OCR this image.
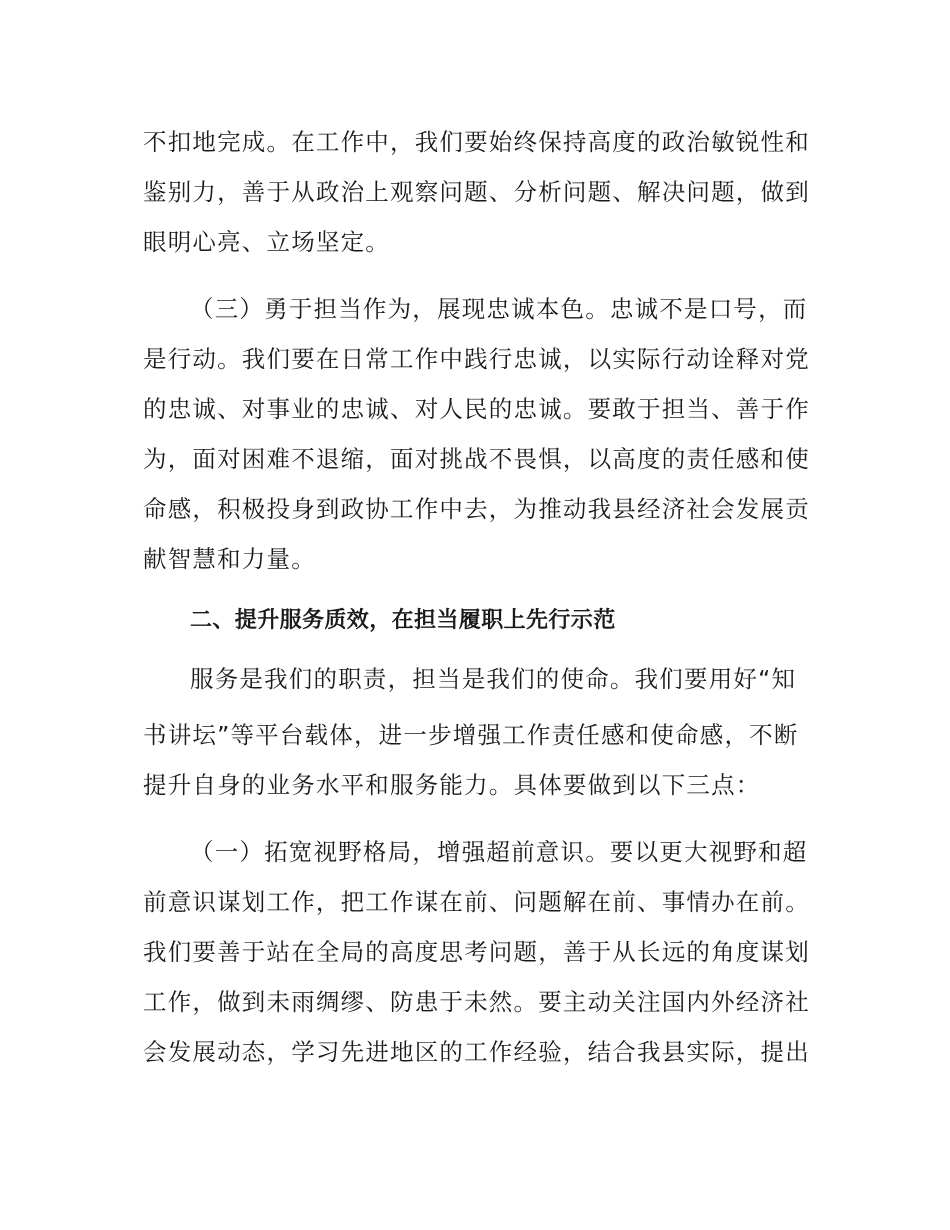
不扣地完成。在工作中，我们要始终保持高度的政治敏锐性和
鉴别力，善于从政治上观察问题、分析问题、解决问题，做到
眼明心亮、立场坚定。
（三）勇于担当作为，展现忠诚本色。忠诚不是口号，而
是行动。我们要在日常工作中践行忠诚，以实际行动诠释对党
的忠诚、对事业的忠诚、对人民的忠诚。要敢于担当、善于作
为，面对困难不退缩，面对挑战不畏惧，以高度的责任感和使
命感，积极投身到政协工作中去，为推动我县经济社会发展贡
献智慧和力量。
二、提升服务质效，在担当履职上先行示范
服务是我们的职责，担当是我们的使命。我们要用好“知
书讲坛”等平台载体，进一步增强工作责任感和使命感，不断
提升自身的业务水平和服务能力。具体要做到以下三点：
（一）拓宽视野格局，增强超前意识。要以更大视野和超
前意识谋划工作，把工作谋在前、问题解在前、事情办在前。
我们要善于站在全局的高度思考问题，善于从长远的角度谋划
工作，做到未雨绸缪、防患于未然。要主动关注国内外经济社
会发展动态，学习先进地区的工作经验，结合我县实际，提出
